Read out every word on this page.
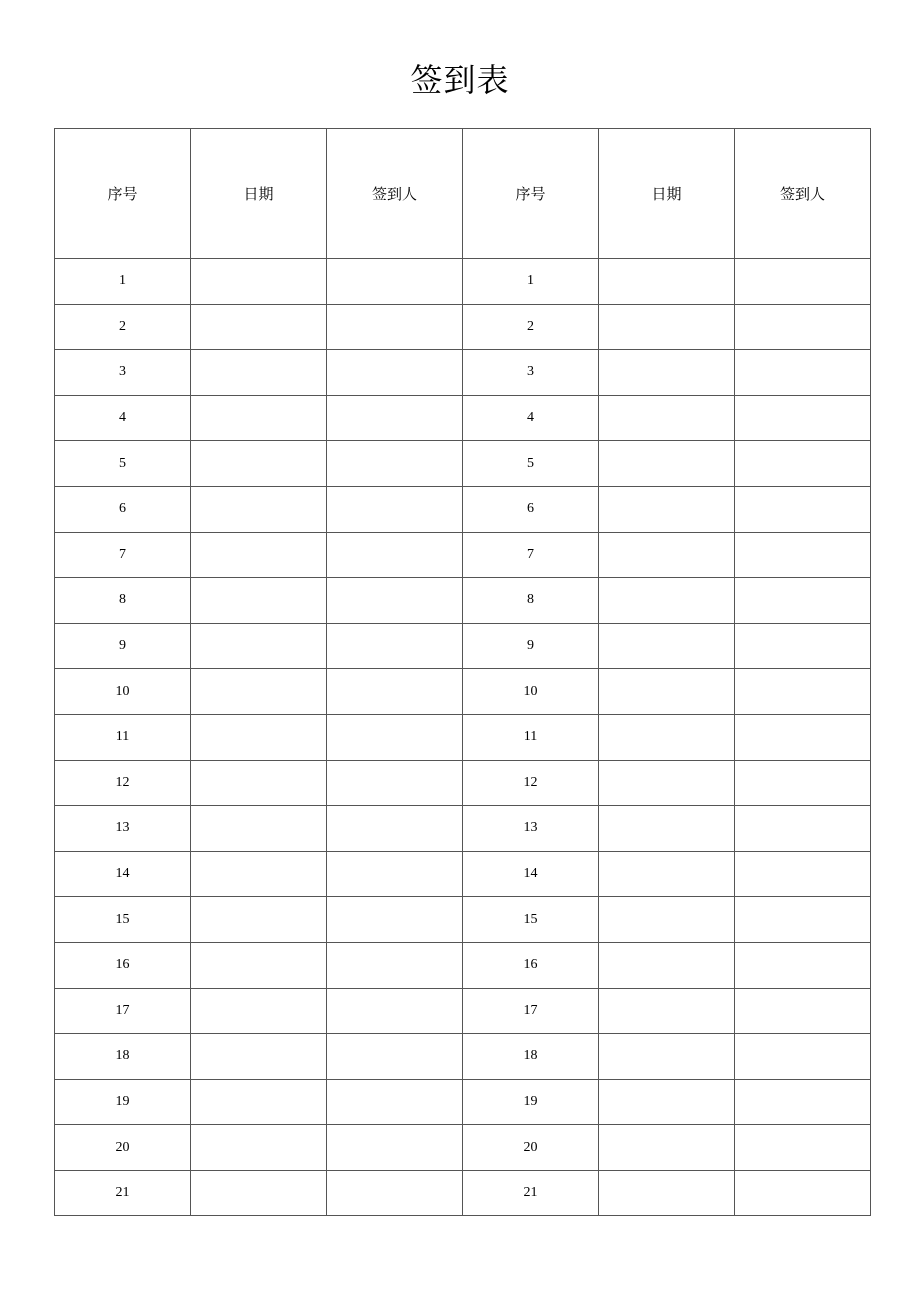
签到表
序号	日期	签到人	序号	日期	签到人
1			1		
2			2		
3			3		
4			4		
5			5		
6			6		
7			7		
8			8		
9			9		
10			10		
11			11		
12			12		
13			13		
14			14		
15			15		
16			16		
17			17		
18			18		
19			19		
20			20		
21			21		
